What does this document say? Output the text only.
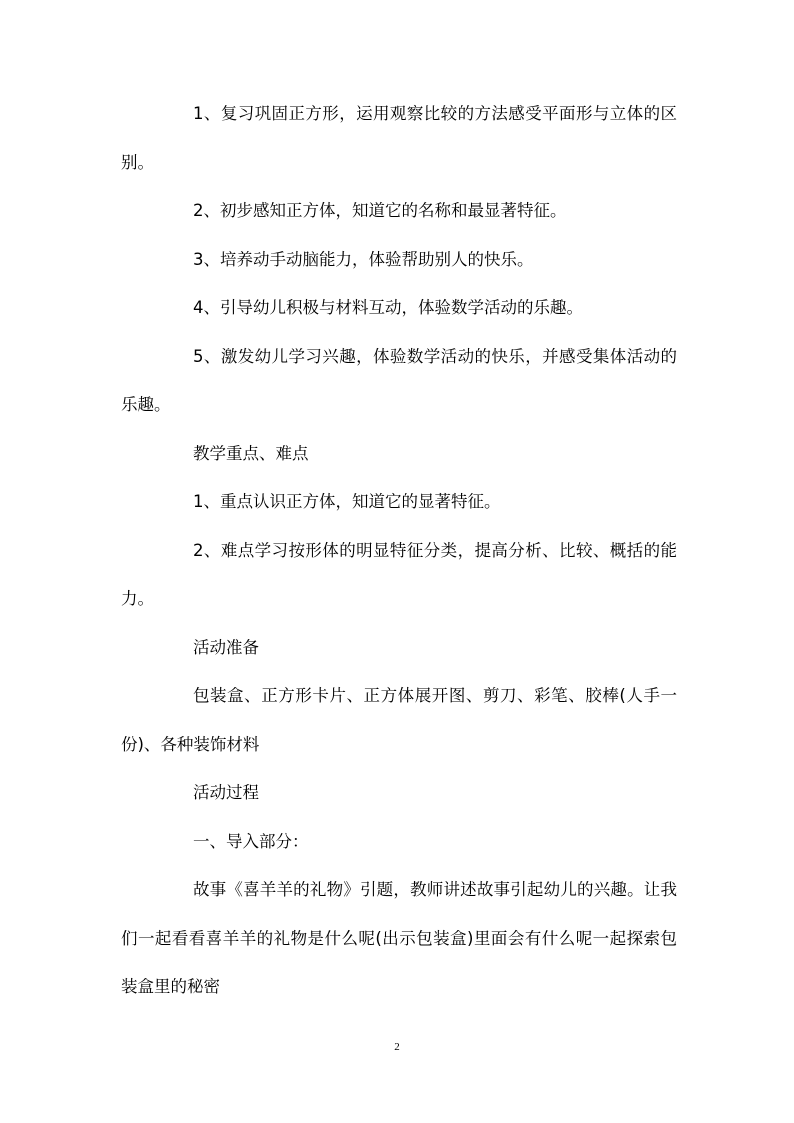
1、复习巩固正方形，运用观察比较的方法感受平面形与立体的区别。

2、初步感知正方体，知道它的名称和最显著特征。

3、培养动手动脑能力，体验帮助别人的快乐。

4、引导幼儿积极与材料互动，体验数学活动的乐趣。

5、激发幼儿学习兴趣，体验数学活动的快乐，并感受集体活动的乐趣。

教学重点、难点

1、重点认识正方体，知道它的显著特征。

2、难点学习按形体的明显特征分类，提高分析、比较、概括的能力。

活动准备

包装盒、正方形卡片、正方体展开图、剪刀、彩笔、胶棒(人手一份)、各种装饰材料

活动过程

一、导入部分：

故事《喜羊羊的礼物》引题，教师讲述故事引起幼儿的兴趣。让我们一起看看喜羊羊的礼物是什么呢(出示包装盒)里面会有什么呢一起探索包装盒里的秘密

2
